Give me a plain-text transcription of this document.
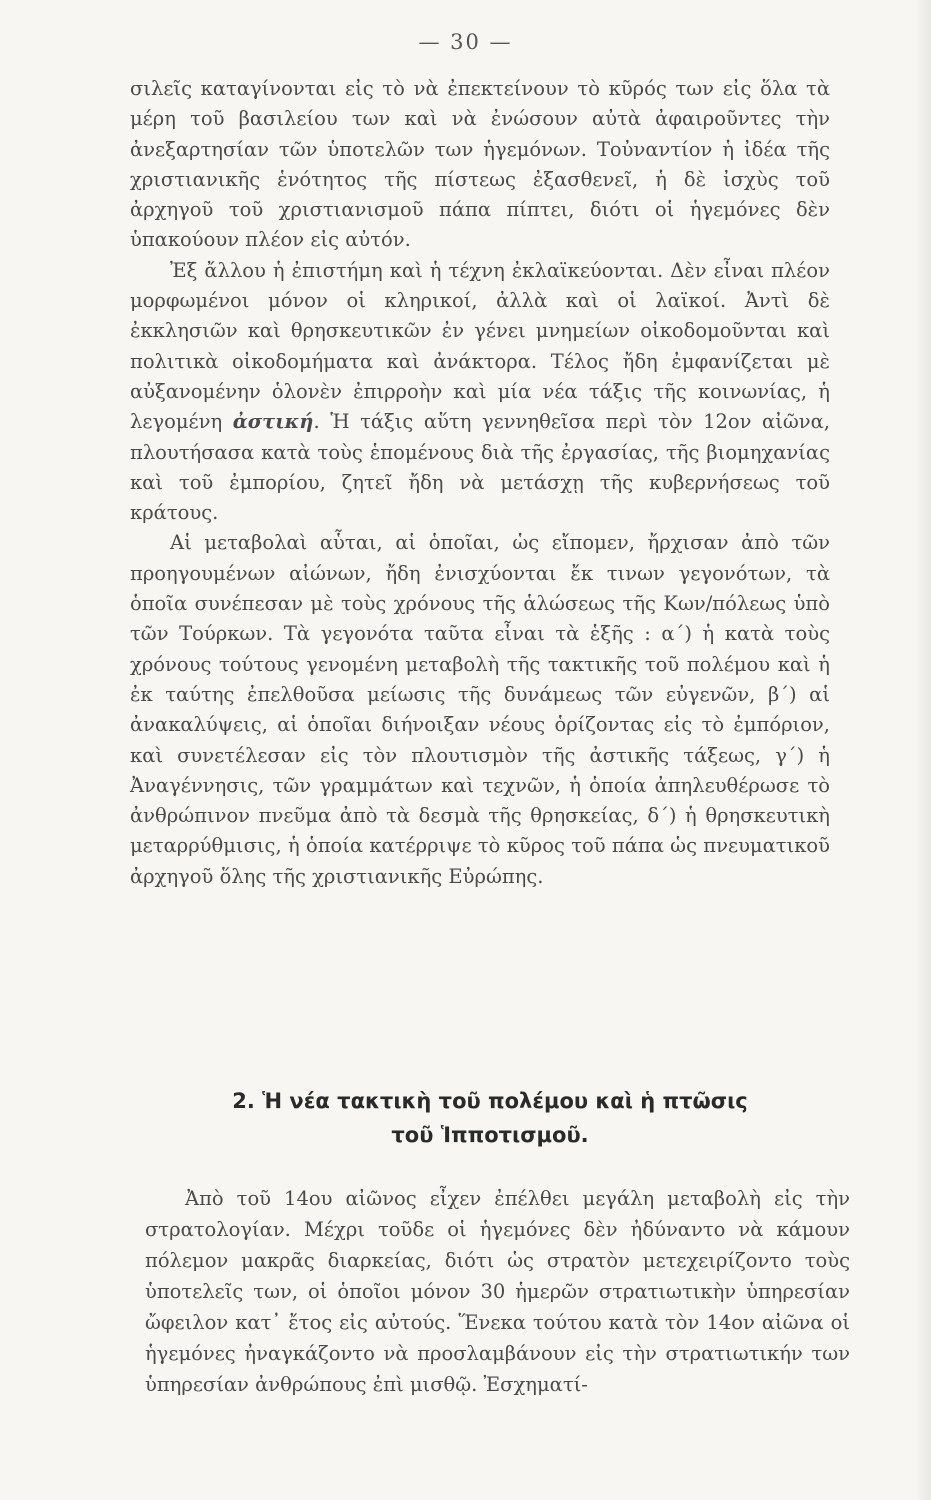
— 30 —

σιλεῖς καταγίνονται εἰς τὸ νὰ ἐπεκτείνουν τὸ κῦρός των εἰς ὅλα τὰ μέρη τοῦ βασιλείου των καὶ νὰ ἐνώσουν αὐτὰ ἀφαιροῦντες τὴν ἀνεξαρτησίαν τῶν ὑποτελῶν των ἡγεμόνων. Τοὐναντίον ἡ ἰδέα τῆς χριστιανικῆς ἑνότητος τῆς πίστεως ἐξασθενεῖ, ἡ δὲ ἰσχὺς τοῦ ἀρχηγοῦ τοῦ χριστιανισμοῦ πάπα πίπτει, διότι οἱ ἡγεμόνες δὲν ὑπακούουν πλέον εἰς αὐτόν.

Ἐξ ἄλλου ἡ ἐπιστήμη καὶ ἡ τέχνη ἐκλαϊκεύονται. Δὲν εἶναι πλέον μορφωμένοι μόνον οἱ κληρικοί, ἀλλὰ καὶ οἱ λαϊκοί. Ἀντὶ δὲ ἐκκλησιῶν καὶ θρησκευτικῶν ἐν γένει μνημείων οἰκοδομοῦνται καὶ πολιτικὰ οἰκοδομήματα καὶ ἀνάκτορα. Τέλος ἤδη ἐμφανίζεται μὲ αὐξανομένην ὁλονὲν ἐπιρροὴν καὶ μία νέα τάξις τῆς κοινωνίας, ἡ λεγομένη ἀστική. Ἡ τάξις αὕτη γεννηθεῖσα περὶ τὸν 12ον αἰῶνα, πλουτήσασα κατὰ τοὺς ἑπομένους διὰ τῆς ἐργασίας, τῆς βιομηχανίας καὶ τοῦ ἐμπορίου, ζητεῖ ἤδη νὰ μετάσχῃ τῆς κυβερνήσεως τοῦ κράτους.

Αἱ μεταβολαὶ αὗται, αἱ ὁποῖαι, ὡς εἴπομεν, ἤρχισαν ἀπὸ τῶν προηγουμένων αἰώνων, ἤδη ἐνισχύονται ἔκ τινων γεγονότων, τὰ ὁποῖα συνέπεσαν μὲ τοὺς χρόνους τῆς ἁλώσεως τῆς Κων/πόλεως ὑπὸ τῶν Τούρκων. Τὰ γεγονότα ταῦτα εἶναι τὰ ἑξῆς : α΄) ἡ κατὰ τοὺς χρόνους τούτους γενομένη μεταβολὴ τῆς τακτικῆς τοῦ πολέμου καὶ ἡ ἐκ ταύτης ἐπελθοῦσα μείωσις τῆς δυνάμεως τῶν εὐγενῶν, β΄) αἱ ἀνακαλύψεις, αἱ ὁποῖαι διήνοιξαν νέους ὁρίζοντας εἰς τὸ ἐμπόριον, καὶ συνετέλεσαν εἰς τὸν πλουτισμὸν τῆς ἀστικῆς τάξεως, γ΄) ἡ Ἀναγέννησις, τῶν γραμμάτων καὶ τεχνῶν, ἡ ὁποία ἀπηλευθέρωσε τὸ ἀνθρώπινον πνεῦμα ἀπὸ τὰ δεσμὰ τῆς θρησκείας, δ΄) ἡ θρησκευτικὴ μεταρρύθμισις, ἡ ὁποία κατέρριψε τὸ κῦρος τοῦ πάπα ὡς πνευματικοῦ ἀρχηγοῦ ὅλης τῆς χριστιανικῆς Εὐρώπης.

2. Ἡ νέα τακτικὴ τοῦ πολέμου καὶ ἡ πτῶσις
τοῦ Ἱπποτισμοῦ.

Ἀπὸ τοῦ 14ου αἰῶνος εἶχεν ἐπέλθει μεγάλη μεταβολὴ εἰς τὴν στρατολογίαν. Μέχρι τοῦδε οἱ ἡγεμόνες δὲν ἠδύναντο νὰ κάμουν πόλεμον μακρᾶς διαρκείας, διότι ὡς στρατὸν μετεχειρίζοντο τοὺς ὑποτελεῖς των, οἱ ὁποῖοι μόνον 30 ἡμερῶν στρατιωτικὴν ὑπηρεσίαν ὤφειλον κατ᾽ ἔτος εἰς αὐτούς. Ἕνεκα τούτου κατὰ τὸν 14ον αἰῶνα οἱ ἡγεμόνες ἠναγκάζοντο νὰ προσλαμβάνουν εἰς τὴν στρατιωτικήν των ὑπηρεσίαν ἀνθρώπους ἐπὶ μισθῷ. Ἐσχηματί-
